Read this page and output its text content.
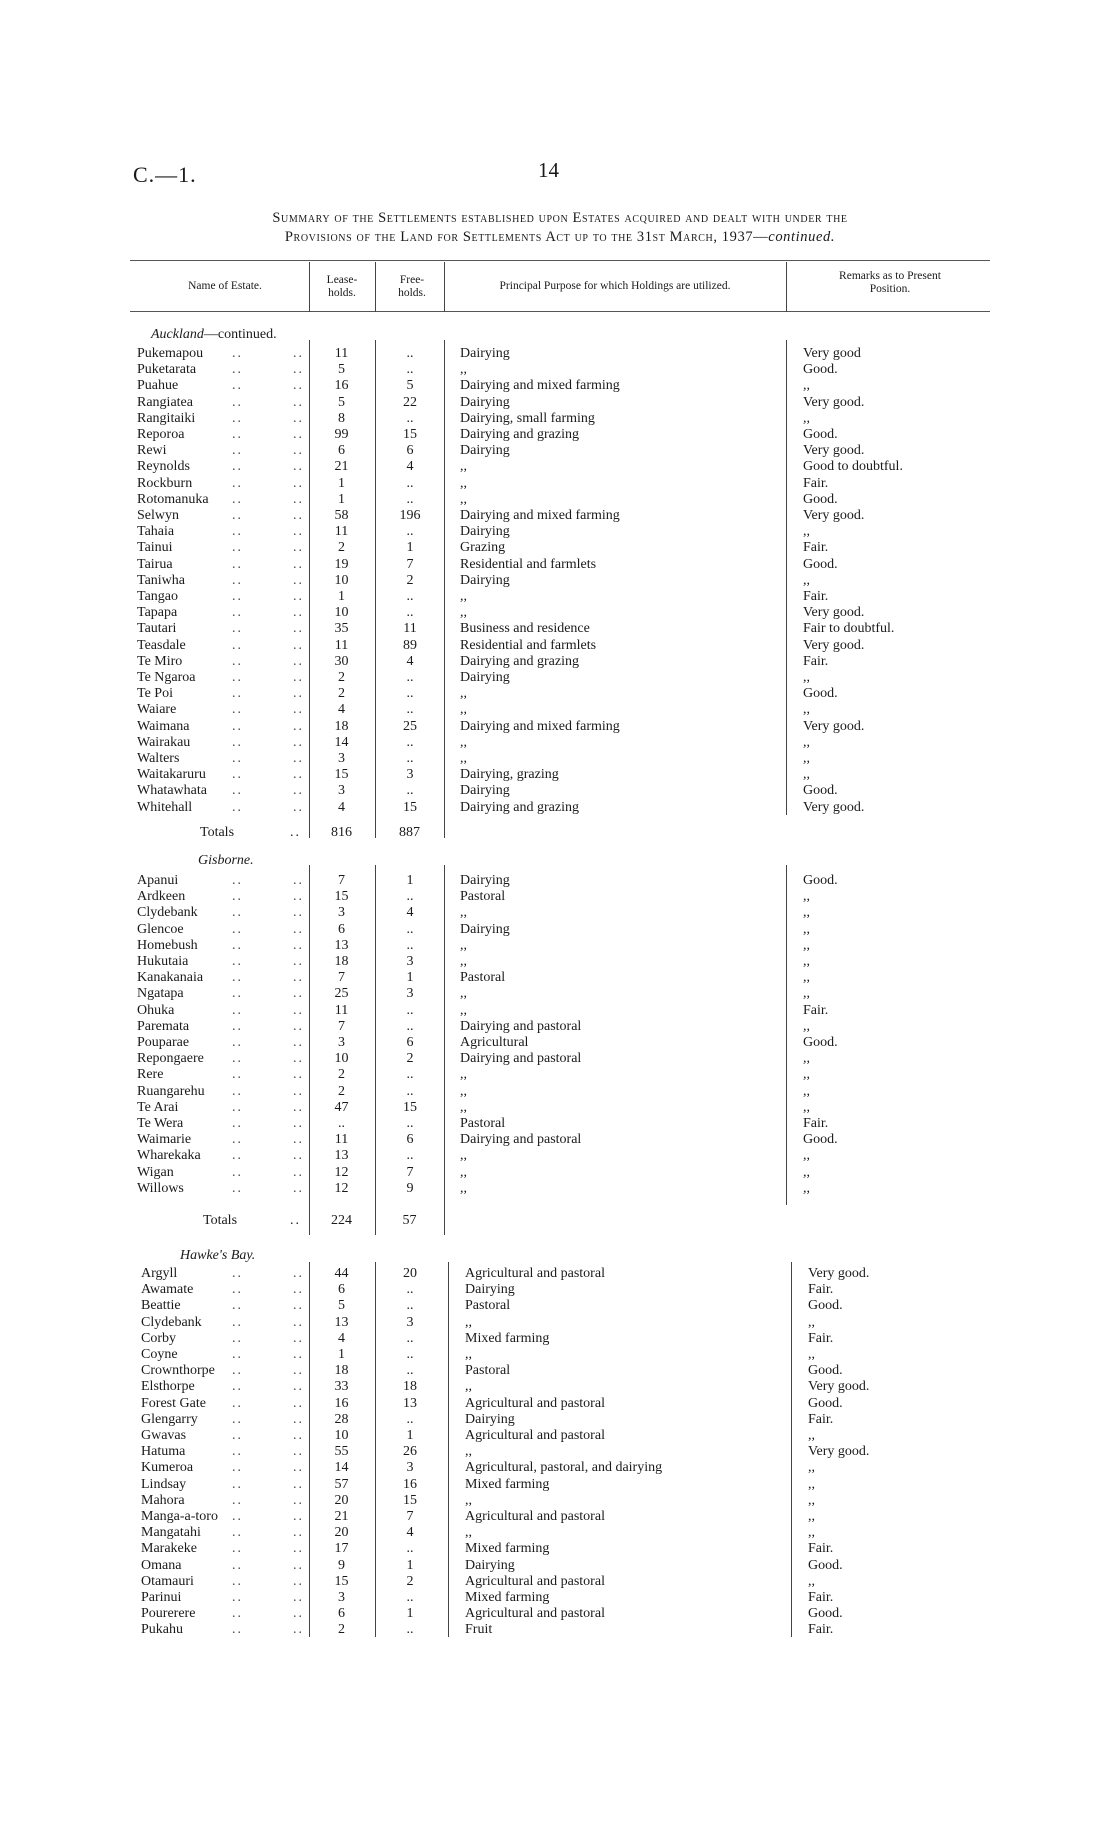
C.—1.	14
Summary of the Settlements established upon Estates acquired and dealt with under the
Provisions of the Land for Settlements Act up to the 31st March, 1937—continued.
Name of Estate.	Lease-
holds.
Free-
holds.
Principal Purpose for which Holdings are utilized.
Remarks as to Present
Position.
Auckland—continued.
Pukemapou ..	..	11	..	Dairying	Very good
Puketarata	..	..	5	..	,,	Good.
Puahue	..	..	16	5	Dairying and mixed farming	,,
Rangiatea	..	..	5	22	Dairying	Very good.
Rangitaiki	..	..	8	..	Dairying, small farming	,,
Reporoa	..	..	99	15	Dairying and grazing	Good.
Rewi	..	..	6	6	Dairying	Very good.
Reynolds	..	..	21	4	,,	Good to doubtful.
Rockburn	..	..	1	..	,,	Fair.
Rotomanuka ..	..	1	..	,,	Good.
Selwyn	..	..	58	196	Dairying and mixed farming	Very good.
Tahaia	..	..	11	..	Dairying	,,
Tainui	..	..	2	1	Grazing	Fair.
Tairua	..	..	19	7	Residential and farmlets	Good.
Taniwha	..	..	10	2	Dairying	,,
Tangao	..	..	1	..	,,	Fair.
Tapapa	..	..	10	..	,,	Very good.
Tautari	..	..	35	11	Business and residence	Fair to doubtful.
Teasdale	..	..	11	89	Residential and farmlets	Very good.
Te Miro	..	..	30	4	Dairying and grazing	Fair.
Te Ngaroa	..	..	2	..	Dairying	,,
Te Poi	..	..	2	..	,,	Good.
Waiare	..	..	4	..	,,	,,
Waimana	..	..	18	25	Dairying and mixed farming	Very good.
Wairakau	..	..	14	..	,,	,,
Walters	..	..	3	..	,,	,,
Waitakaruru ..	..	15	3	Dairying, grazing	,,
Whatawhata ..	..	3	..	Dairying	Good.
Whitehall	..	..	4	15	Dairying and grazing	Very good.
Totals	..	816	887
Gisborne.
Apanui	..	..	7	1	Dairying	Good.
Ardkeen	..	..	15	..	Pastoral	,,
Clydebank ..	..	3	4	,,	,,
Glencoe	..	..	6	..	Dairying	,,
Homebush ..	..	13	..	,,	,,
Hukutaia	..	..	18	3	,,	,,
Kanakanaia ..	..	7	1	Pastoral	,,
Ngatapa	..	..	25	3	,,	,,
Ohuka	..	..	11	..	,,	Fair.
Paremata	..	..	7	..	Dairying and pastoral	,,
Pouparae	..	..	3	6	Agricultural	Good.
Repongaere ..	..	10	2	Dairying and pastoral	,,
Rere	..	..	2	..	,,	,,
Ruangarehu ..	..	2	..	,,	,,
Te Arai	..	..	47	15	,,	,,
Te Wera	..	..	..	..	Pastoral	Fair.
Waimarie	..	..	11	6	Dairying and pastoral	Good.
Wharekaka ..	..	13	..	,,	,,
Wigan	..	..	12	7	,,	,,
Willows	..	..	12	9	,,	,,
Totals	..	224	57
Hawke's Bay.
Argyll	..	..	44	20	Agricultural and pastoral	Very good.
Awamate	..	..	6	..	Dairying	Fair.
Beattie	..	..	5	..	Pastoral	Good.
Clydebank ..	..	13	3	,,	,,
Corby	..	..	4	..	Mixed farming	Fair.
Coyne	..	..	1	..	,,	,,
Crownthorpe ..	..	18	..	Pastoral	Good.
Elsthorpe	..	..	33	18	,,	Very good.
Forest Gate ..	..	16	13	Agricultural and pastoral	Good.
Glengarry ..	..	28	..	Dairying	Fair.
Gwavas	..	..	10	1	Agricultural and pastoral	,,
Hatuma	..	..	55	26	,,	Very good.
Kumeroa	..	..	14	3	Agricultural, pastoral, and dairying	,,
Lindsay	..	..	57	16	Mixed farming	,,
Mahora	..	..	20	15	,,	,,
Manga-a-toro ..	..	21	7	Agricultural and pastoral	,,
Mangatahi ..	..	20	4	,,	,,
Marakeke	..	..	17	..	Mixed farming	Fair.
Omana	..	..	9	1	Dairying	Good.
Otamauri	..	..	15	2	Agricultural and pastoral	,,
Parinui	..	..	3	..	Mixed farming	Fair.
Pourerere	..	..	6	1	Agricultural and pastoral	Good.
Pukahu	..	..	2	..	Fruit	Fair.
